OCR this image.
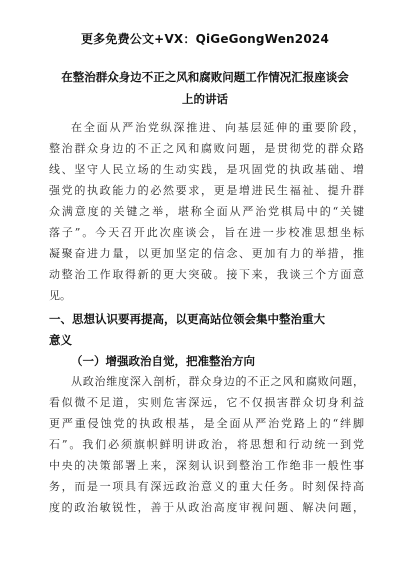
更多免费公文+VX：QiGeGongWen2024
在整治群众身边不正之风和腐败问题工作情况汇报座谈会
上的讲话
在全面从严治党纵深推进、向基层延伸的重要阶段，
整治群众身边的不正之风和腐败问题，是贯彻党的群众路
线、坚守人民立场的生动实践，是巩固党的执政基础、增
强党的执政能力的必然要求，更是增进民生福祉、提升群
众满意度的关键之举，堪称全面从严治党棋局中的“关键
落子”。今天召开此次座谈会，旨在进一步校准思想坐标
凝聚奋进力量，以更加坚定的信念、更加有力的举措，推
动整治工作取得新的更大突破。接下来，我谈三个方面意
见。
一、思想认识要再提高，以更高站位领会集中整治重大
意义
（一）增强政治自觉，把准整治方向
从政治维度深入剖析，群众身边的不正之风和腐败问题，
看似微不足道，实则危害深远，它不仅损害群众切身利益
更严重侵蚀党的执政根基，是全面从严治党路上的“绊脚
石”。我们必须旗帜鲜明讲政治，将思想和行动统一到党
中央的决策部署上来，深刻认识到整治工作绝非一般性事
务，而是一项具有深远政治意义的重大任务。时刻保持高
度的政治敏锐性，善于从政治高度审视问题、解决问题，
